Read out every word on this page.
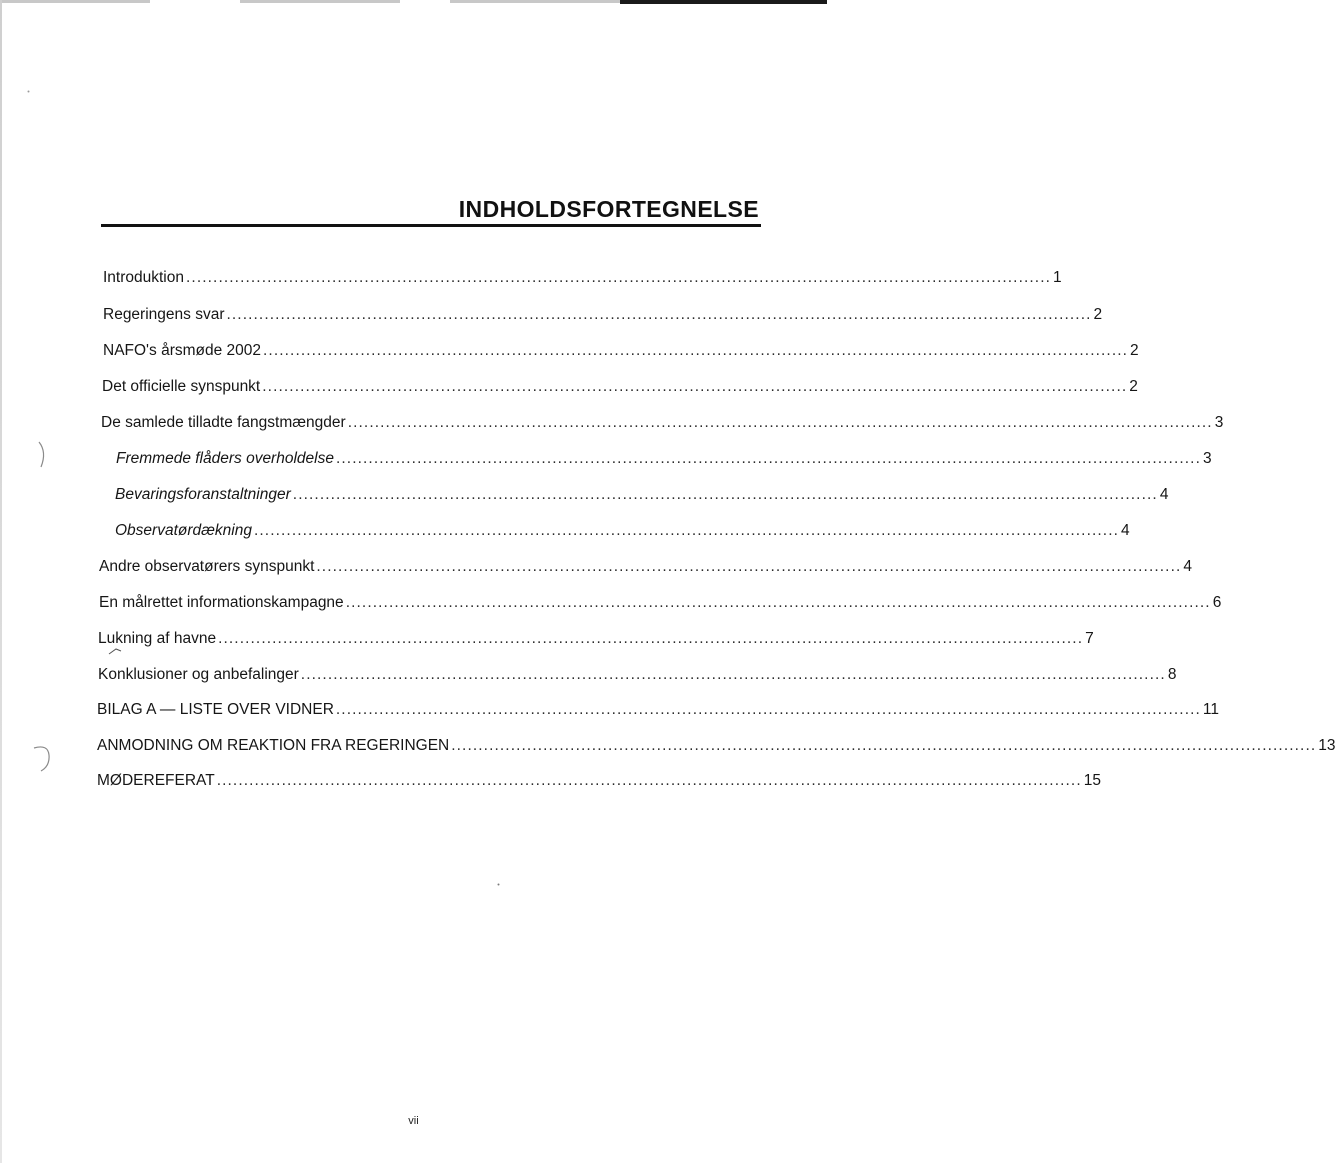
INDHOLDSFORTEGNELSE
Introduktion ................................................................................................................................................................ 1
Regeringens svar ................................................................................................................................................................ 2
NAFO's årsmøde 2002 ................................................................................................................................................................ 2
Det officielle synspunkt ................................................................................................................................................................ 2
De samlede tilladte fangstmængder ................................................................................................................................................................ 3
Fremmede flåders overholdelse ................................................................................................................................................................ 3
Bevaringsforanstaltninger ................................................................................................................................................................ 4
Observatørdækning ................................................................................................................................................................ 4
Andre observatørers synspunkt ................................................................................................................................................................ 4
En målrettet informationskampagne ................................................................................................................................................................ 6
Lukning af havne ................................................................................................................................................................ 7
Konklusioner og anbefalinger ................................................................................................................................................................ 8
BILAG A — LISTE OVER VIDNER ................................................................................................................................................................ 11
ANMODNING OM REAKTION FRA REGERINGEN ................................................................................................................................................................ 13
MØDEREFERAT ................................................................................................................................................................ 15
vii
